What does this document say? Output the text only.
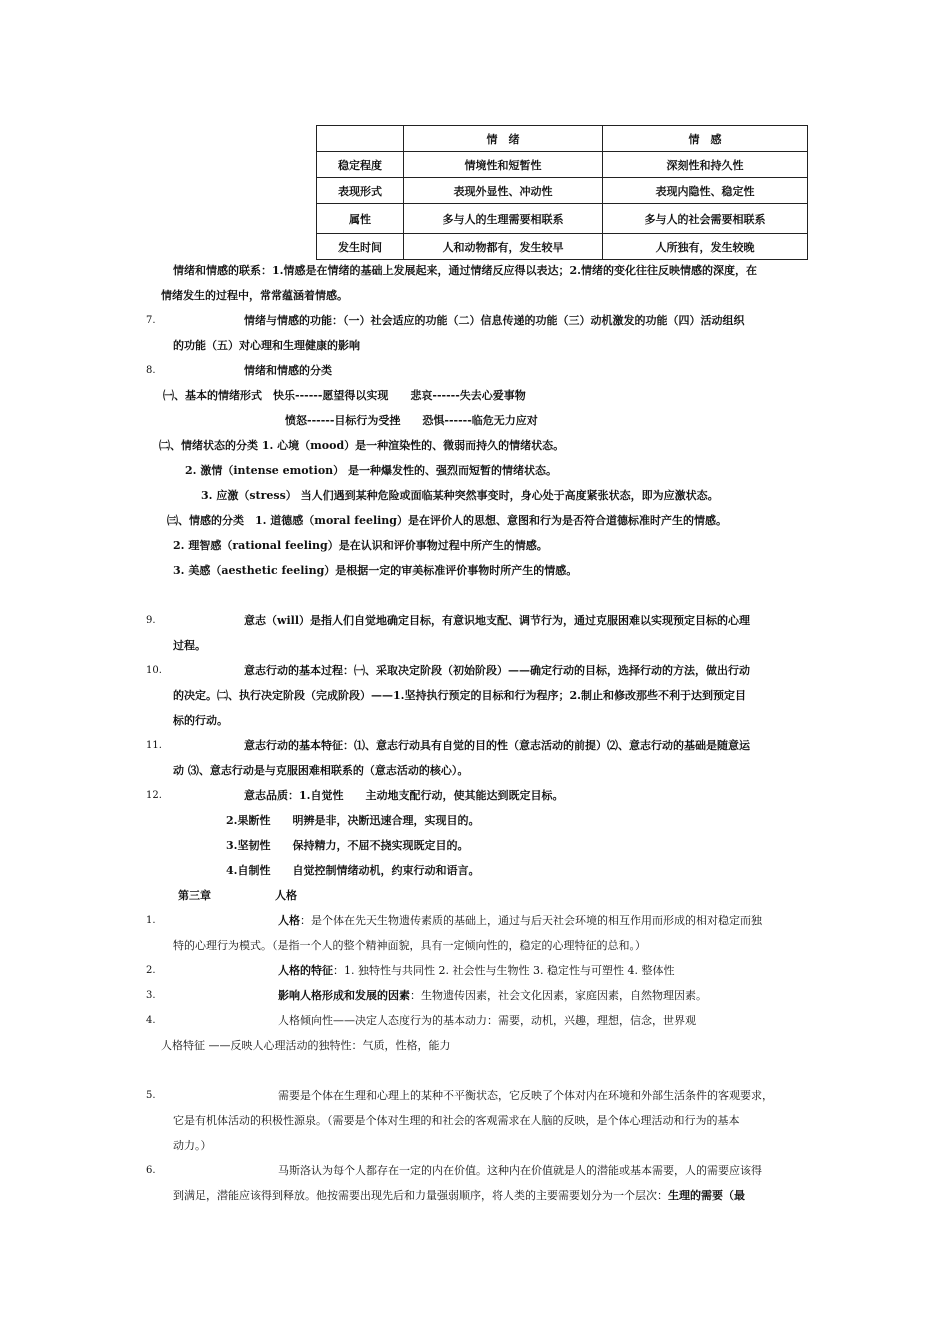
	情　绪	情　感
稳定程度	情境性和短暂性	深刻性和持久性
表现形式	表现外显性、冲动性	表现内隐性、稳定性
属性	多与人的生理需要相联系	多与人的社会需要相联系
发生时间	人和动物都有，发生较早	人所独有，发生较晚
情绪和情感的联系：1.情感是在情绪的基础上发展起来，通过情绪反应得以表达；2.情绪的变化往往反映情感的深度，在
情绪发生的过程中，常常蕴涵着情感。
7.	情绪与情感的功能：（一）社会适应的功能（二）信息传递的功能（三）动机激发的功能（四）活动组织
的功能（五）对心理和生理健康的影响
8.	情绪和情感的分类
㈠、基本的情绪形式　快乐------愿望得以实现　　悲哀------失去心爱事物
愤怒------目标行为受挫　　恐惧------临危无力应对
㈡、情绪状态的分类 1. 心境（mood）是一种渲染性的、微弱而持久的情绪状态。
2. 激情（intense emotion） 是一种爆发性的、强烈而短暂的情绪状态。
3. 应激（stress） 当人们遇到某种危险或面临某种突然事变时，身心处于高度紧张状态，即为应激状态。
㈢、情感的分类　1. 道德感（moral feeling）是在评价人的思想、意图和行为是否符合道德标准时产生的情感。
2. 理智感（rational feeling）是在认识和评价事物过程中所产生的情感。
3. 美感（aesthetic feeling）是根据一定的审美标准评价事物时所产生的情感。
9.	意志（will）是指人们自觉地确定目标，有意识地支配、调节行为，通过克服困难以实现预定目标的心理
过程。
10.	意志行动的基本过程：㈠、采取决定阶段（初始阶段）——确定行动的目标，选择行动的方法，做出行动
的决定。㈡、执行决定阶段（完成阶段）——1.坚持执行预定的目标和行为程序；2.制止和修改那些不利于达到预定目
标的行动。
11.	意志行动的基本特征：⑴、意志行动具有自觉的目的性（意志活动的前提）⑵、意志行动的基础是随意运
动 ⑶、意志行动是与克服困难相联系的（意志活动的核心）。
12.	意志品质：1.自觉性　　主动地支配行动，使其能达到既定目标。
2.果断性　　明辨是非，决断迅速合理，实现目的。
3.坚韧性　　保持精力，不屈不挠实现既定目的。
4.自制性　　自觉控制情绪动机，约束行动和语言。
第三章	人格
1.	人格：是个体在先天生物遗传素质的基础上，通过与后天社会环境的相互作用而形成的相对稳定而独
特的心理行为模式。（是指一个人的整个精神面貌，具有一定倾向性的，稳定的心理特征的总和。）
2.	人格的特征：1. 独特性与共同性 2. 社会性与生物性 3. 稳定性与可塑性 4. 整体性
3.	影响人格形成和发展的因素：生物遗传因素，社会文化因素，家庭因素，自然物理因素。
4.	人格倾向性——决定人态度行为的基本动力：需要，动机，兴趣，理想，信念，世界观
人格特征 ——反映人心理活动的独特性：气质，性格，能力
5.	需要是个体在生理和心理上的某种不平衡状态，它反映了个体对内在环境和外部生活条件的客观要求，
它是有机体活动的积极性源泉。（需要是个体对生理的和社会的客观需求在人脑的反映，是个体心理活动和行为的基本
动力。）
6.	马斯洛认为每个人都存在一定的内在价值。这种内在价值就是人的潜能或基本需要，人的需要应该得
到满足，潜能应该得到释放。他按需要出现先后和力量强弱顺序，将人类的主要需要划分为一个层次：生理的需要（最
